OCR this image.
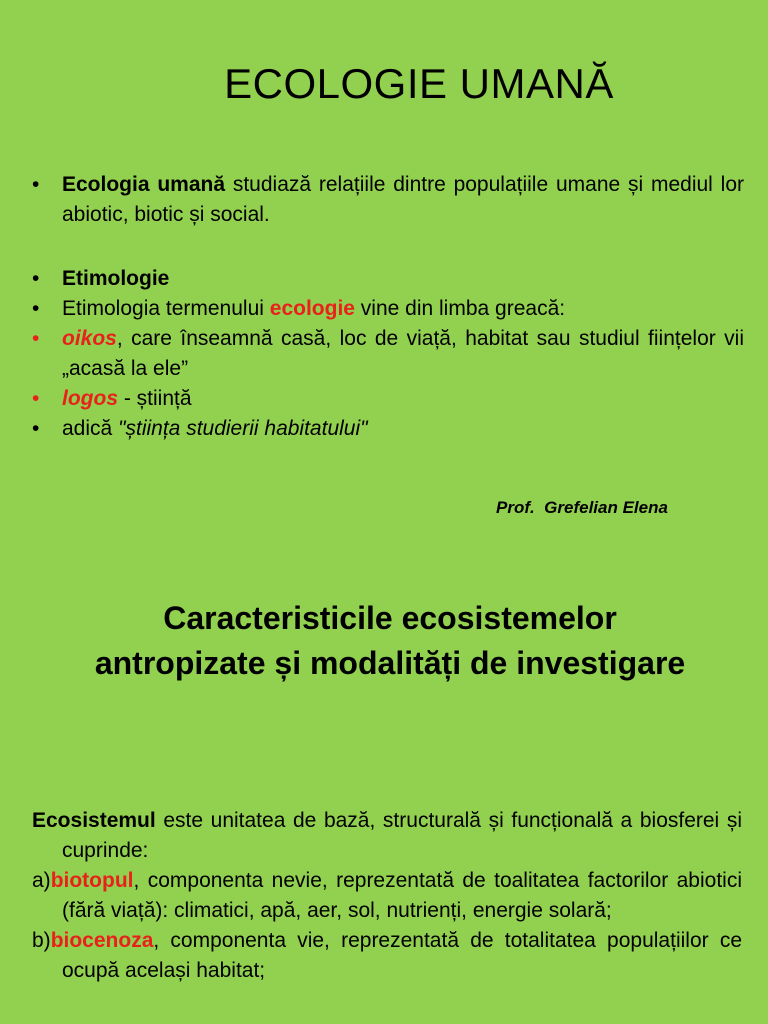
ECOLOGIE UMANĂ
• Ecologia umană studiază relațiile dintre populațiile umane și mediul lor abiotic, biotic și social.
• Etimologie
• Etimologia termenului ecologie vine din limba greacă:
• oikos, care înseamnă casă, loc de viață, habitat sau studiul ființelor vii „acasă la ele”
• logos - știință
• adică "știința studierii habitatului"
Prof.  Grefelian Elena
Caracteristicile ecosistemelor antropizate și modalități de investigare
Ecosistemul este unitatea de bază, structurală și funcțională a biosferei și cuprinde:
a)biotopul, componenta nevie, reprezentată de toalitatea factorilor abiotici (fără viață): climatici, apă, aer, sol, nutrienți, energie solară;
b)biocenoza, componenta vie, reprezentată de totalitatea populațiilor ce ocupă același habitat;
